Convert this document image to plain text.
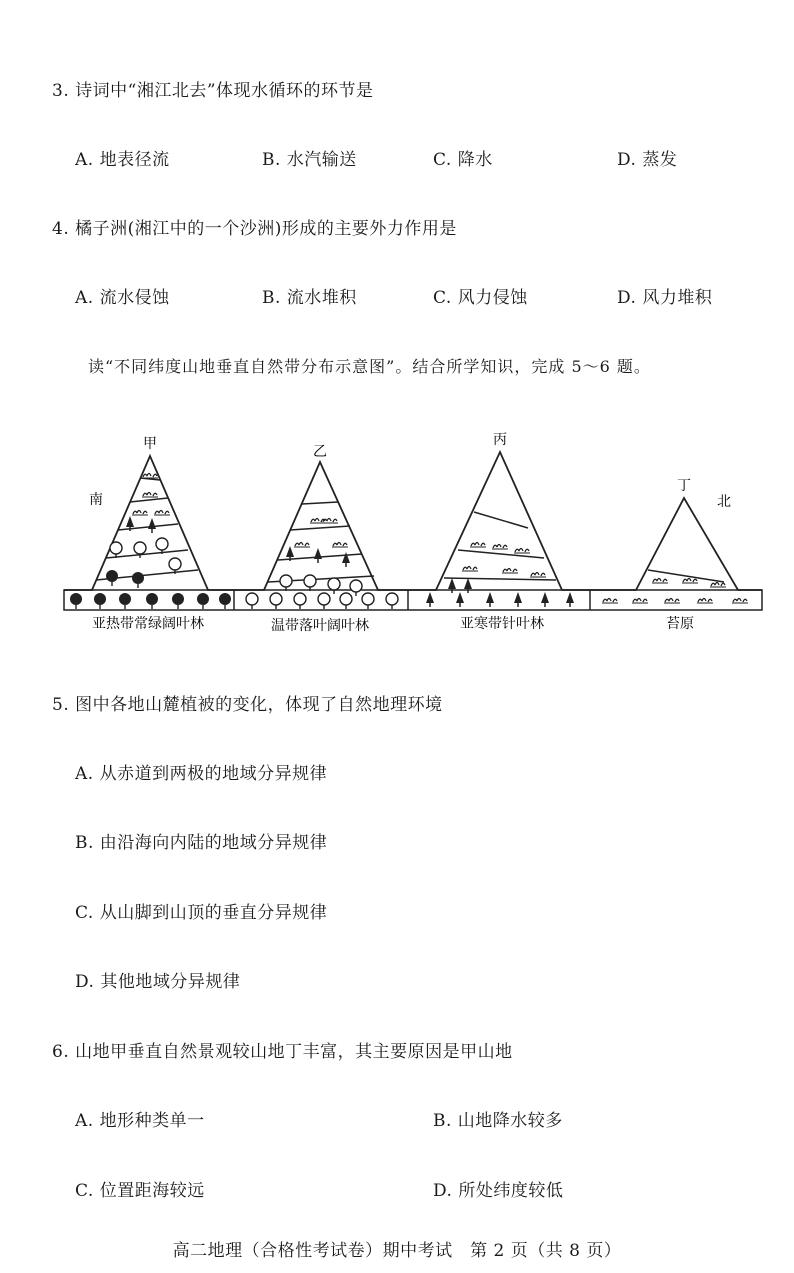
3. 诗词中“湘江北去”体现水循环的环节是
A. 地表径流	B. 水汽输送	C. 降水	D. 蒸发
4. 橘子洲(湘江中的一个沙洲)形成的主要外力作用是
A. 流水侵蚀	B. 流水堆积	C. 风力侵蚀	D. 风力堆积
读“不同纬度山地垂直自然带分布示意图”。结合所学知识，完成 5～6 题。
甲
南
乙
丙
丁
北
亚热带常绿阔叶林	温带落叶阔叶林	亚寒带针叶林	苔原
5. 图中各地山麓植被的变化，体现了自然地理环境
A. 从赤道到两极的地域分异规律
B. 由沿海向内陆的地域分异规律
C. 从山脚到山顶的垂直分异规律
D. 其他地域分异规律
6. 山地甲垂直自然景观较山地丁丰富，其主要原因是甲山地
A. 地形种类单一	B. 山地降水较多
C. 位置距海较远	D. 所处纬度较低
高二地理（合格性考试卷）期中考试　第 2 页（共 8 页）
